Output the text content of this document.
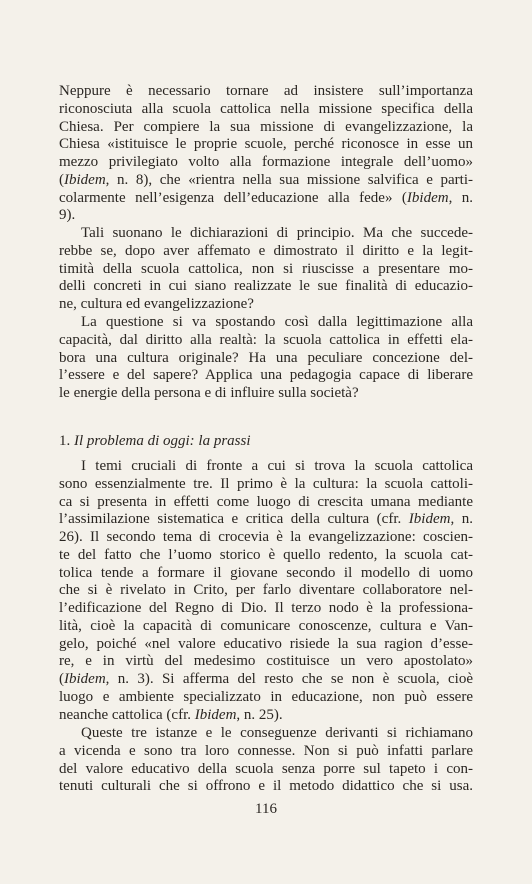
Neppure è necessario tornare ad insistere sull’importanza
riconosciuta alla scuola cattolica nella missione specifica della
Chiesa. Per compiere la sua missione di evangelizzazione, la
Chiesa «istituisce le proprie scuole, perché riconosce in esse un
mezzo privilegiato volto alla formazione integrale dell’uomo»
(Ibidem, n. 8), che «rientra nella sua missione salvifica e parti-
colarmente nell’esigenza dell’educazione alla fede» (Ibidem, n.
9).
Tali suonano le dichiarazioni di principio. Ma che succede-
rebbe se, dopo aver affemato e dimostrato il diritto e la legit-
timità della scuola cattolica, non si riuscisse a presentare mo-
delli concreti in cui siano realizzate le sue finalità di educazio-
ne, cultura ed evangelizzazione?
La questione si va spostando così dalla legittimazione alla
capacità, dal diritto alla realtà: la scuola cattolica in effetti ela-
bora una cultura originale? Ha una peculiare concezione del-
l’essere e del sapere? Applica una pedagogia capace di liberare
le energie della persona e di influire sulla società?
1. Il problema di oggi: la prassi
I temi cruciali di fronte a cui si trova la scuola cattolica
sono essenzialmente tre. Il primo è la cultura: la scuola cattoli-
ca si presenta in effetti come luogo di crescita umana mediante
l’assimilazione sistematica e critica della cultura (cfr. Ibidem, n.
26). Il secondo tema di crocevia è la evangelizzazione: coscien-
te del fatto che l’uomo storico è quello redento, la scuola cat-
tolica tende a formare il giovane secondo il modello di uomo
che si è rivelato in Crito, per farlo diventare collaboratore nel-
l’edificazione del Regno di Dio. Il terzo nodo è la professiona-
lità, cioè la capacità di comunicare conoscenze, cultura e Van-
gelo, poiché «nel valore educativo risiede la sua ragion d’esse-
re, e in virtù del medesimo costituisce un vero apostolato»
(Ibidem, n. 3). Si afferma del resto che se non è scuola, cioè
luogo e ambiente specializzato in educazione, non può essere
neanche cattolica (cfr. Ibidem, n. 25).
Queste tre istanze e le conseguenze derivanti si richiamano
a vicenda e sono tra loro connesse. Non si può infatti parlare
del valore educativo della scuola senza porre sul tapeto i con-
tenuti culturali che si offrono e il metodo didattico che si usa.
116
